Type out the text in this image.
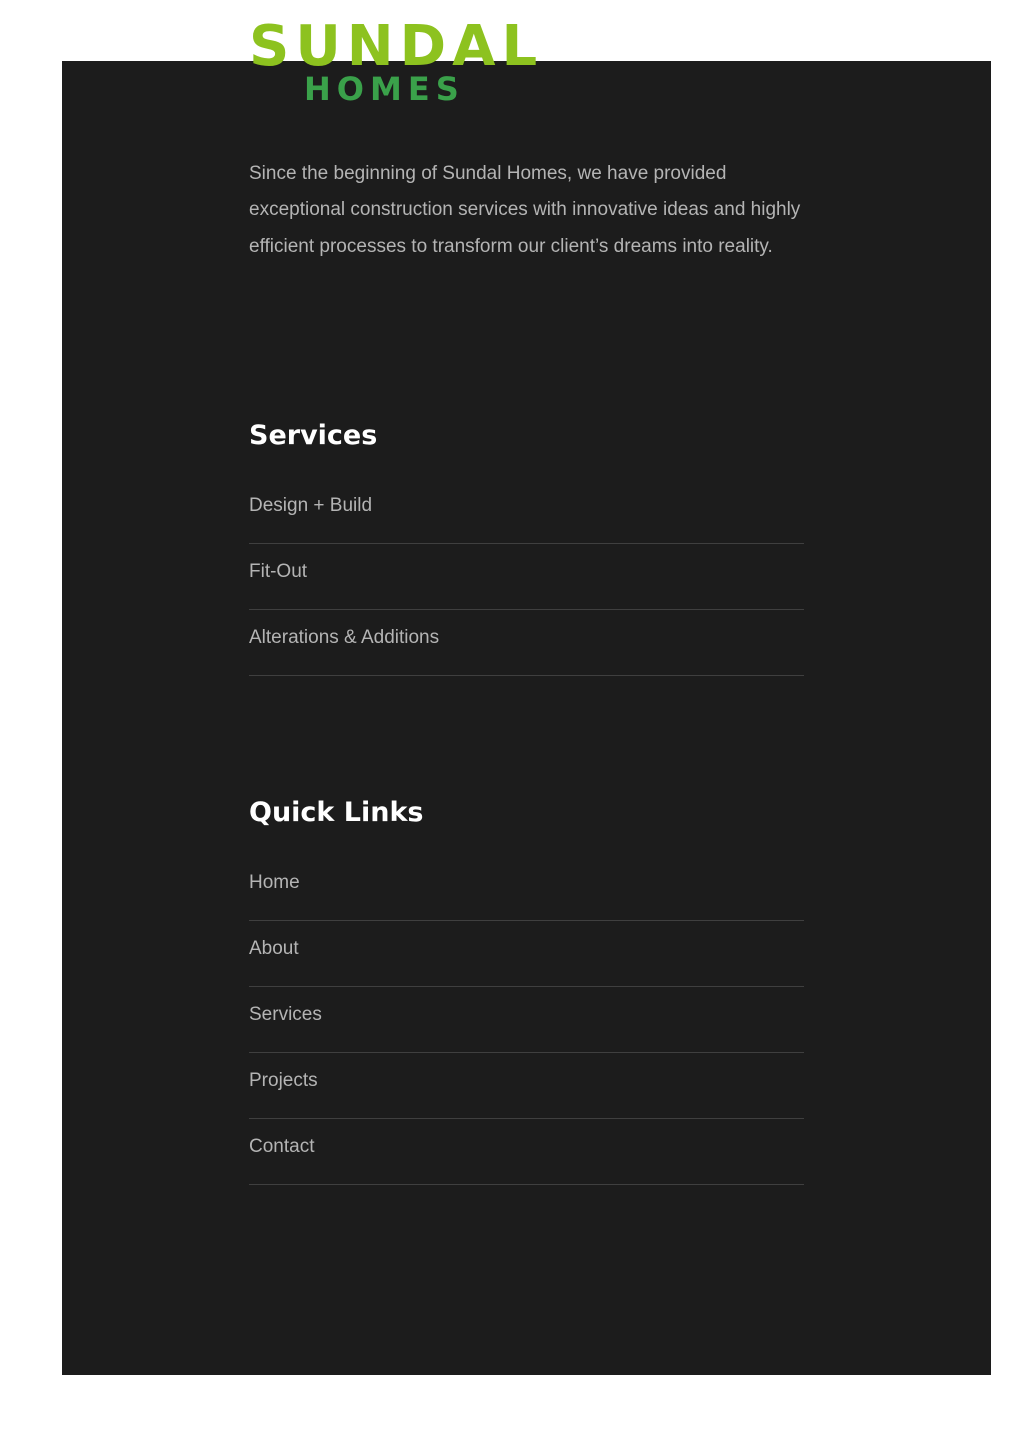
SUNDAL
HOMES

Since the beginning of Sundal Homes, we have provided exceptional construction services with innovative ideas and highly efficient processes to transform our client’s dreams into reality.

Services
Design + Build
Fit-Out
Alterations & Additions
Quick Links
Home
About
Services
Projects
Contact
